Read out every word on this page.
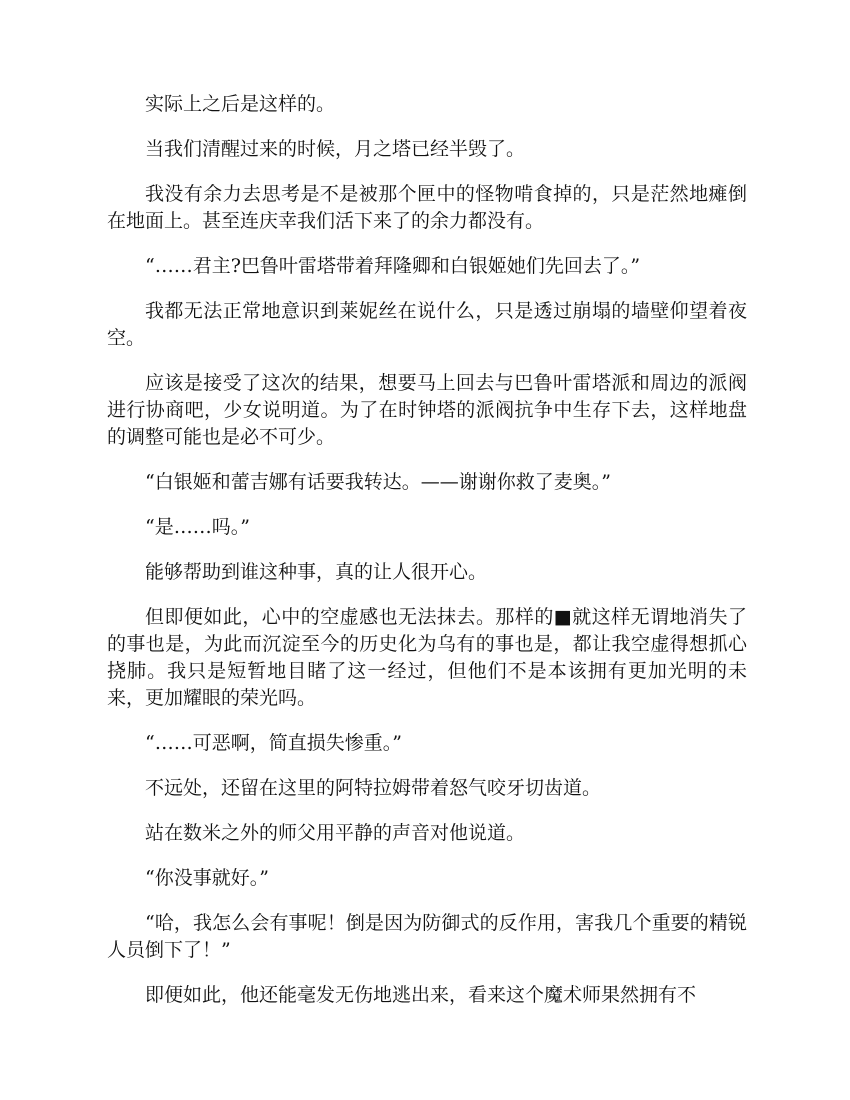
实际上之后是这样的。

当我们清醒过来的时候，月之塔已经半毁了。

我没有余力去思考是不是被那个匣中的怪物啃食掉的，只是茫然地瘫倒在地面上。甚至连庆幸我们活下来了的余力都没有。

“……君主?巴鲁叶雷塔带着拜隆卿和白银姬她们先回去了。”

我都无法正常地意识到莱妮丝在说什么，只是透过崩塌的墙壁仰望着夜空。

应该是接受了这次的结果，想要马上回去与巴鲁叶雷塔派和周边的派阀进行协商吧，少女说明道。为了在时钟塔的派阀抗争中生存下去，这样地盘的调整可能也是必不可少。

“白银姬和蕾吉娜有话要我转达。——谢谢你救了麦奥。”

“是……吗。”

能够帮助到谁这种事，真的让人很开心。

但即便如此，心中的空虚感也无法抹去。那样的■就这样无谓地消失了的事也是，为此而沉淀至今的历史化为乌有的事也是，都让我空虚得想抓心挠肺。我只是短暂地目睹了这一经过，但他们不是本该拥有更加光明的未来，更加耀眼的荣光吗。

“……可恶啊，简直损失惨重。”

不远处，还留在这里的阿特拉姆带着怒气咬牙切齿道。

站在数米之外的师父用平静的声音对他说道。

“你没事就好。”

“哈，我怎么会有事呢！倒是因为防御式的反作用，害我几个重要的精锐人员倒下了！”

即便如此，他还能毫发无伤地逃出来，看来这个魔术师果然拥有不
